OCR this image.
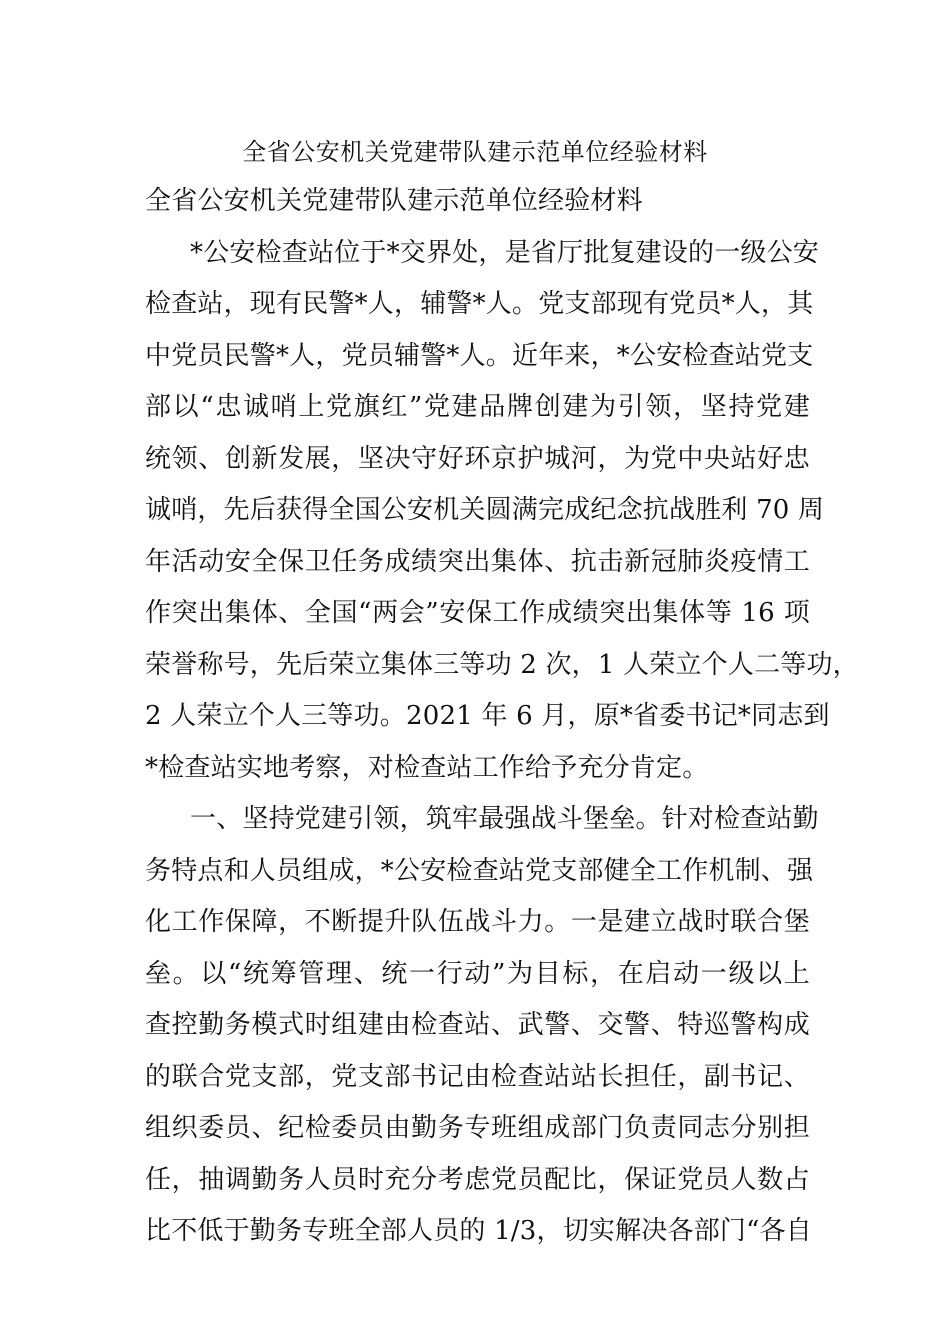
全省公安机关党建带队建示范单位经验材料
全省公安机关党建带队建示范单位经验材料
*公安检查站位于*交界处，是省厅批复建设的一级公安
检查站，现有民警*人，辅警*人。党支部现有党员*人，其
中党员民警*人，党员辅警*人。近年来，*公安检查站党支
部以“忠诚哨上党旗红”党建品牌创建为引领，坚持党建
统领、创新发展，坚决守好环京护城河，为党中央站好忠
诚哨，先后获得全国公安机关圆满完成纪念抗战胜利 70 周
年活动安全保卫任务成绩突出集体、抗击新冠肺炎疫情工
作突出集体、全国“两会”安保工作成绩突出集体等 16 项
荣誉称号，先后荣立集体三等功 2 次，1 人荣立个人二等功，
2 人荣立个人三等功。2021 年 6 月，原*省委书记*同志到
*检查站实地考察，对检查站工作给予充分肯定。
一、坚持党建引领，筑牢最强战斗堡垒。针对检查站勤
务特点和人员组成，*公安检查站党支部健全工作机制、强
化工作保障，不断提升队伍战斗力。一是建立战时联合堡
垒。以“统筹管理、统一行动”为目标，在启动一级以上
查控勤务模式时组建由检查站、武警、交警、特巡警构成
的联合党支部，党支部书记由检查站站长担任，副书记、
组织委员、纪检委员由勤务专班组成部门负责同志分别担
任，抽调勤务人员时充分考虑党员配比，保证党员人数占
比不低于勤务专班全部人员的 1/3，切实解决各部门“各自
